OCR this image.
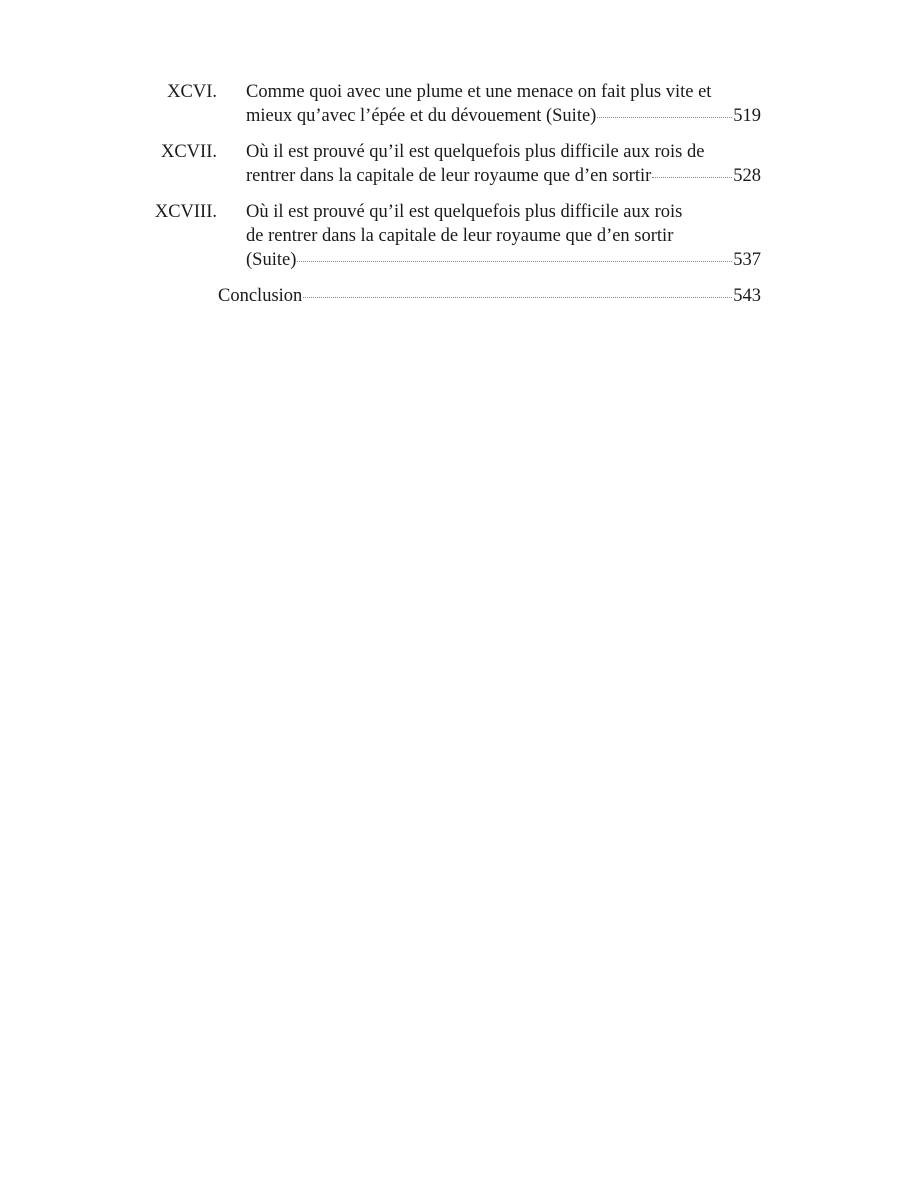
XCVI. Comme quoi avec une plume et une menace on fait plus vite et
mieux qu’avec l’épée et du dévouement (Suite)	519
XCVII. Où il est prouvé qu’il est quelquefois plus difficile aux rois de
rentrer dans la capitale de leur royaume que d’en sortir	528
XCVIII. Où il est prouvé qu’il est quelquefois plus difficile aux rois
de rentrer dans la capitale de leur royaume que d’en sortir
(Suite)	537
Conclusion	543
